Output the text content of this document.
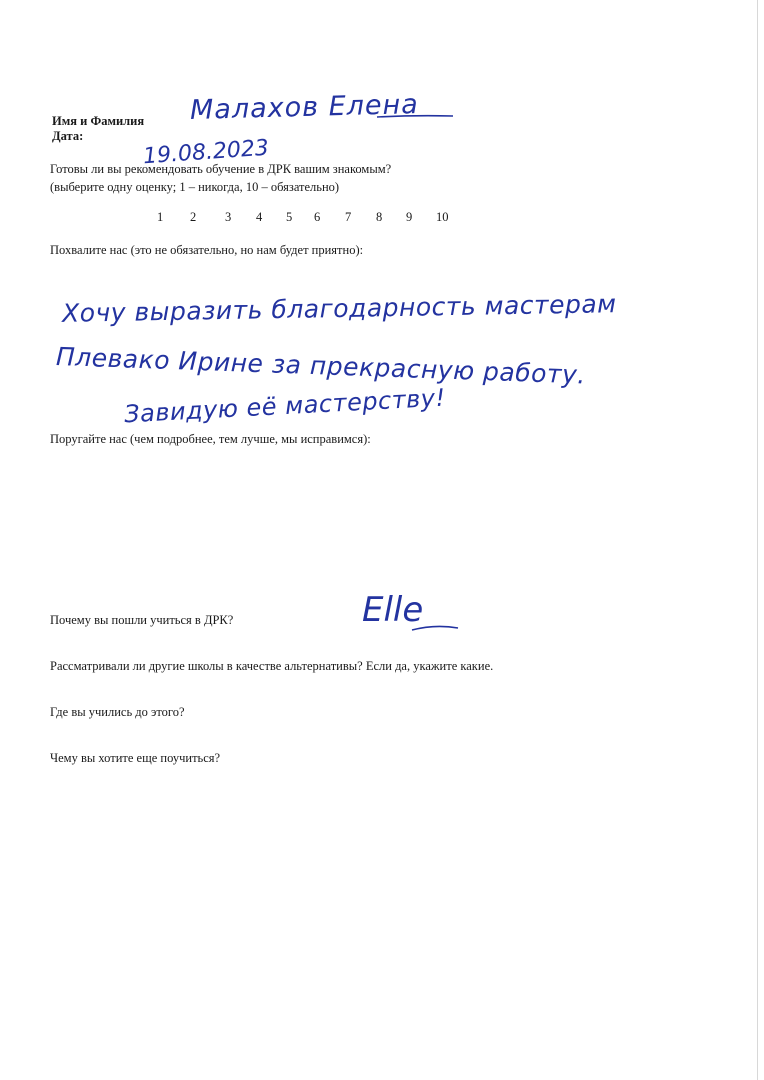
Имя и Фамилия
Дата:
Готовы ли вы рекомендовать обучение в ДРК вашим знакомым?
(выберите одну оценку; 1 – никогда, 10 – обязательно)
1 2 3 4 5 6 7 8 9 10
Похвалите нас (это не обязательно, но нам будет приятно):
Поругайте нас (чем подробнее, тем лучше, мы исправимся):
Почему вы пошли учиться в ДРК?
Рассматривали ли другие школы в качестве альтернативы? Если да, укажите какие.
Где вы учились до этого?
Чему вы хотите еще поучиться?
Малахов Елена
19.08.2023
Хочу выразить благодарность мастерам
Плевако Ирине за прекрасную работу.
Завидую её мастерству!
Elle
